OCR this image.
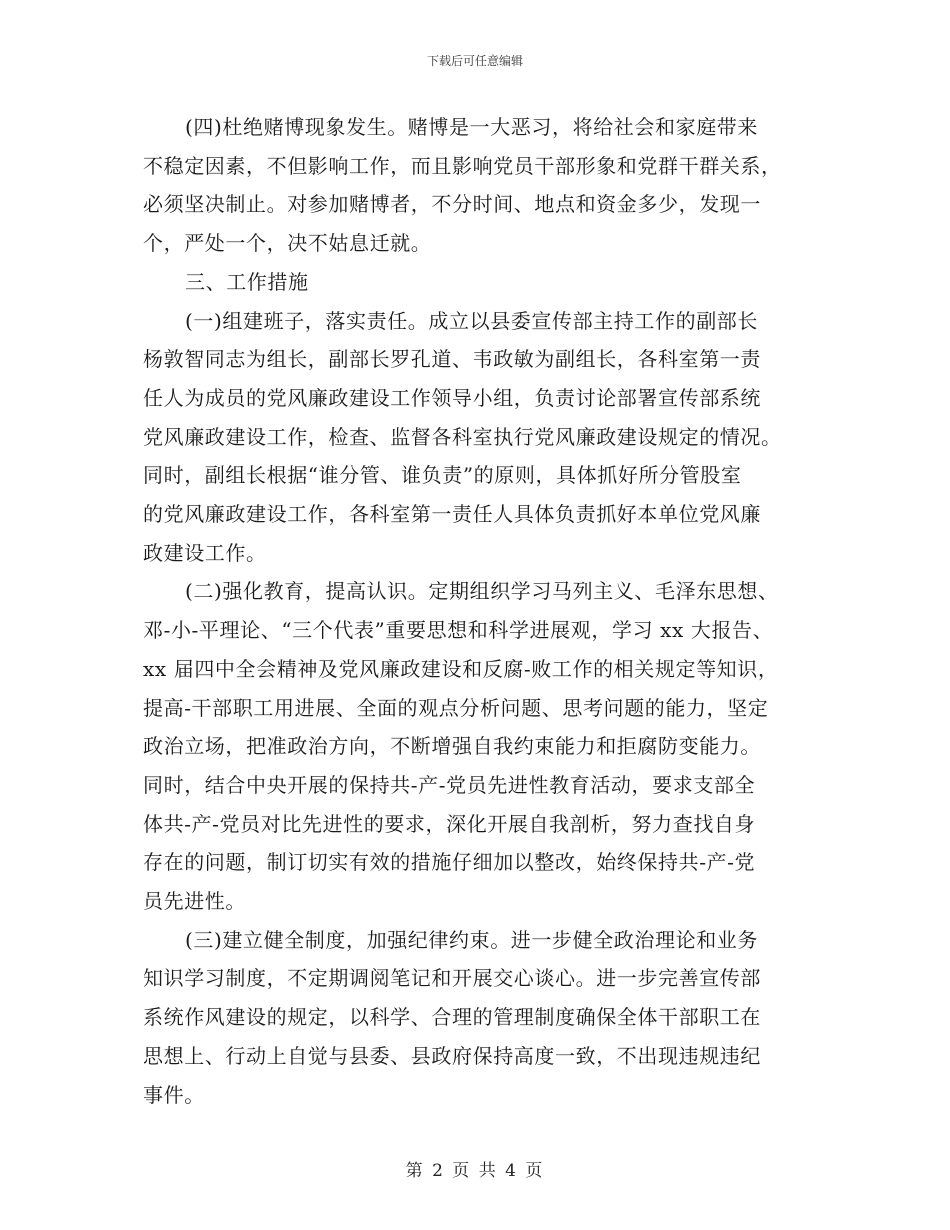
下载后可任意编辑

(四)杜绝赌博现象发生。赌博是一大恶习，将给社会和家庭带来
不稳定因素，不但影响工作，而且影响党员干部形象和党群干群关系，
必须坚决制止。对参加赌博者，不分时间、地点和资金多少，发现一
个，严处一个，决不姑息迁就。

三、工作措施

(一)组建班子，落实责任。成立以县委宣传部主持工作的副部长
杨敦智同志为组长，副部长罗孔道、韦政敏为副组长，各科室第一责
任人为成员的党风廉政建设工作领导小组，负责讨论部署宣传部系统
党风廉政建设工作，检查、监督各科室执行党风廉政建设规定的情况。
同时，副组长根据“谁分管、谁负责”的原则，具体抓好所分管股室
的党风廉政建设工作，各科室第一责任人具体负责抓好本单位党风廉
政建设工作。

(二)强化教育，提高认识。定期组织学习马列主义、毛泽东思想、
邓-小-平理论、“三个代表”重要思想和科学进展观，学习 xx 大报告、
xx 届四中全会精神及党风廉政建设和反腐-败工作的相关规定等知识，
提高-干部职工用进展、全面的观点分析问题、思考问题的能力，坚定
政治立场，把准政治方向，不断增强自我约束能力和拒腐防变能力。
同时，结合中央开展的保持共-产-党员先进性教育活动，要求支部全
体共-产-党员对比先进性的要求，深化开展自我剖析，努力查找自身
存在的问题，制订切实有效的措施仔细加以整改，始终保持共-产-党
员先进性。

(三)建立健全制度，加强纪律约束。进一步健全政治理论和业务
知识学习制度，不定期调阅笔记和开展交心谈心。进一步完善宣传部
系统作风建设的规定，以科学、合理的管理制度确保全体干部职工在
思想上、行动上自觉与县委、县政府保持高度一致，不出现违规违纪
事件。

第 2 页 共 4 页
